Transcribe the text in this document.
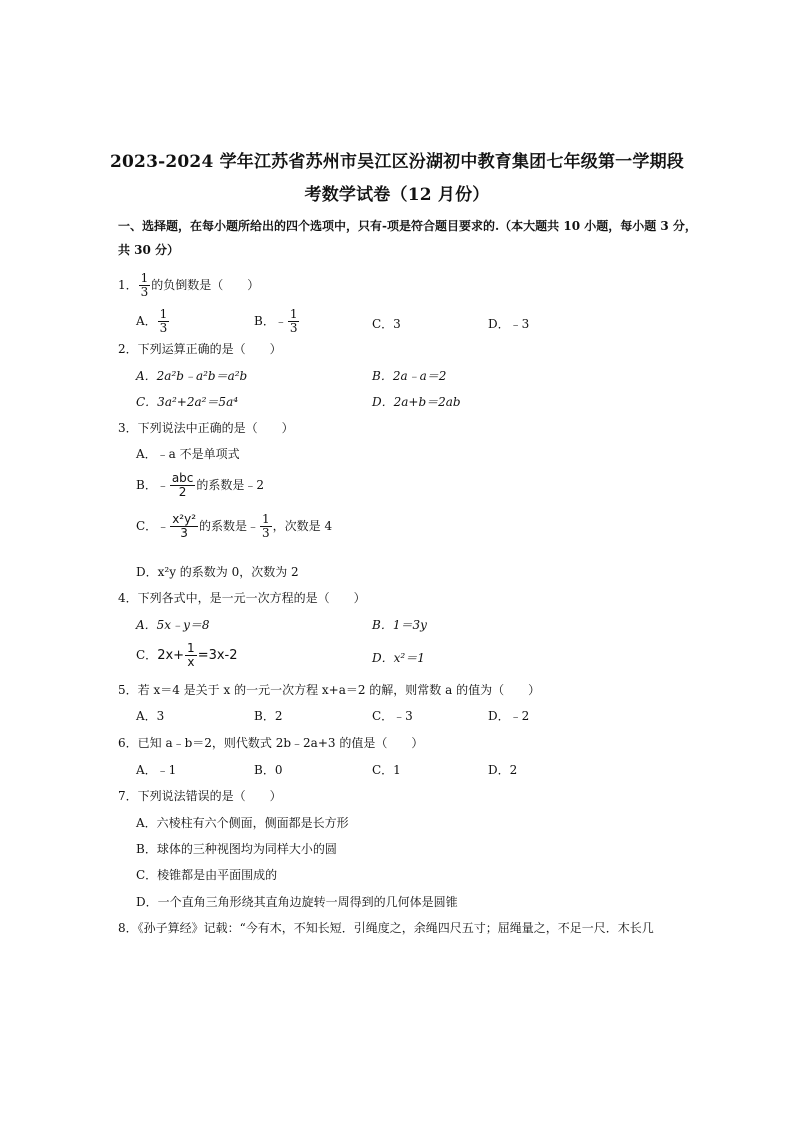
2023-2024 学年江苏省苏州市吴江区汾湖初中教育集团七年级第一学期段
考数学试卷（12 月份）
一、选择题，在每小题所给出的四个选项中，只有-项是符合题目要求的.（本大题共 10 小题，每小题 3 分，
共 30 分）
1． $\frac{1}{3}$ 的负倒数是（　　）
A． $\frac{1}{3}$	B．﹣ $\frac{1}{3}$	C．3	D．﹣3
2．下列运算正确的是（　　）
A．2a²b﹣a²b＝a²b	B．2a﹣a＝2
C．3a²+2a²＝5a⁴	D．2a+b＝2ab
3．下列说法中正确的是（　　）
A．﹣a 不是单项式
B．﹣ $\frac{\text{abc}}{2}$ 的系数是﹣2
C．﹣ $\frac{\text{x²y²}}{3}$ 的系数是﹣ $\frac{1}{3}$ ，次数是 4
D．x²y 的系数为 0，次数为 2
4．下列各式中，是一元一次方程的是（　　）
A．5x﹣y＝8	B．1＝3y
C．$2x+ \frac{1}{x} =3x-2$	D．x²＝1
5．若 x＝4 是关于 x 的一元一次方程 x+a＝2 的解，则常数 a 的值为（　　）
A．3	B．2	C．﹣3	D．﹣2
6．已知 a﹣b＝2，则代数式 2b﹣2a+3 的值是（　　）
A．﹣1	B．0	C．1	D．2
7．下列说法错误的是（　　）
A．六棱柱有六个侧面，侧面都是长方形
B．球体的三种视图均为同样大小的圆
C．棱锥都是由平面围成的
D．一个直角三角形绕其直角边旋转一周得到的几何体是圆锥
8．《孙子算经》记载：“今有木，不知长短．引绳度之，余绳四尺五寸；屈绳量之，不足一尺．木长几
